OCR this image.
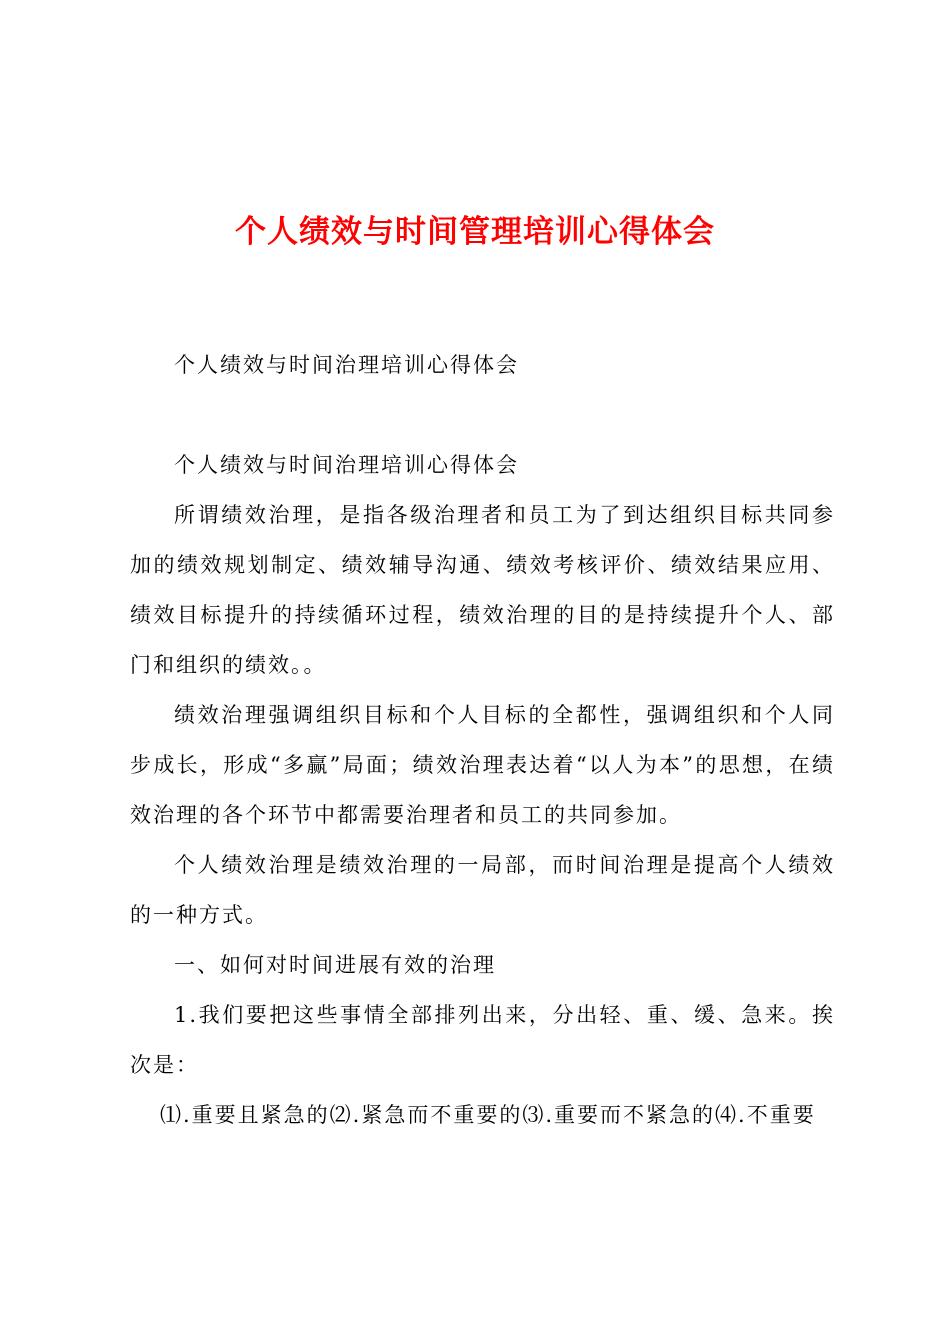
个人绩效与时间管理培训心得体会
个人绩效与时间治理培训心得体会

个人绩效与时间治理培训心得体会

所谓绩效治理，是指各级治理者和员工为了到达组织目标共同参加的绩效规划制定、绩效辅导沟通、绩效考核评价、绩效结果应用、绩效目标提升的持续循环过程，绩效治理的目的是持续提升个人、部门和组织的绩效。。

绩效治理强调组织目标和个人目标的全都性，强调组织和个人同步成长，形成“多赢”局面；绩效治理表达着“以人为本”的思想，在绩效治理的各个环节中都需要治理者和员工的共同参加。

个人绩效治理是绩效治理的一局部，而时间治理是提高个人绩效的一种方式。

一、如何对时间进展有效的治理

1.我们要把这些事情全部排列出来，分出轻、重、缓、急来。挨次是：

⑴.重要且紧急的⑵.紧急而不重要的⑶.重要而不紧急的⑷.不重要
